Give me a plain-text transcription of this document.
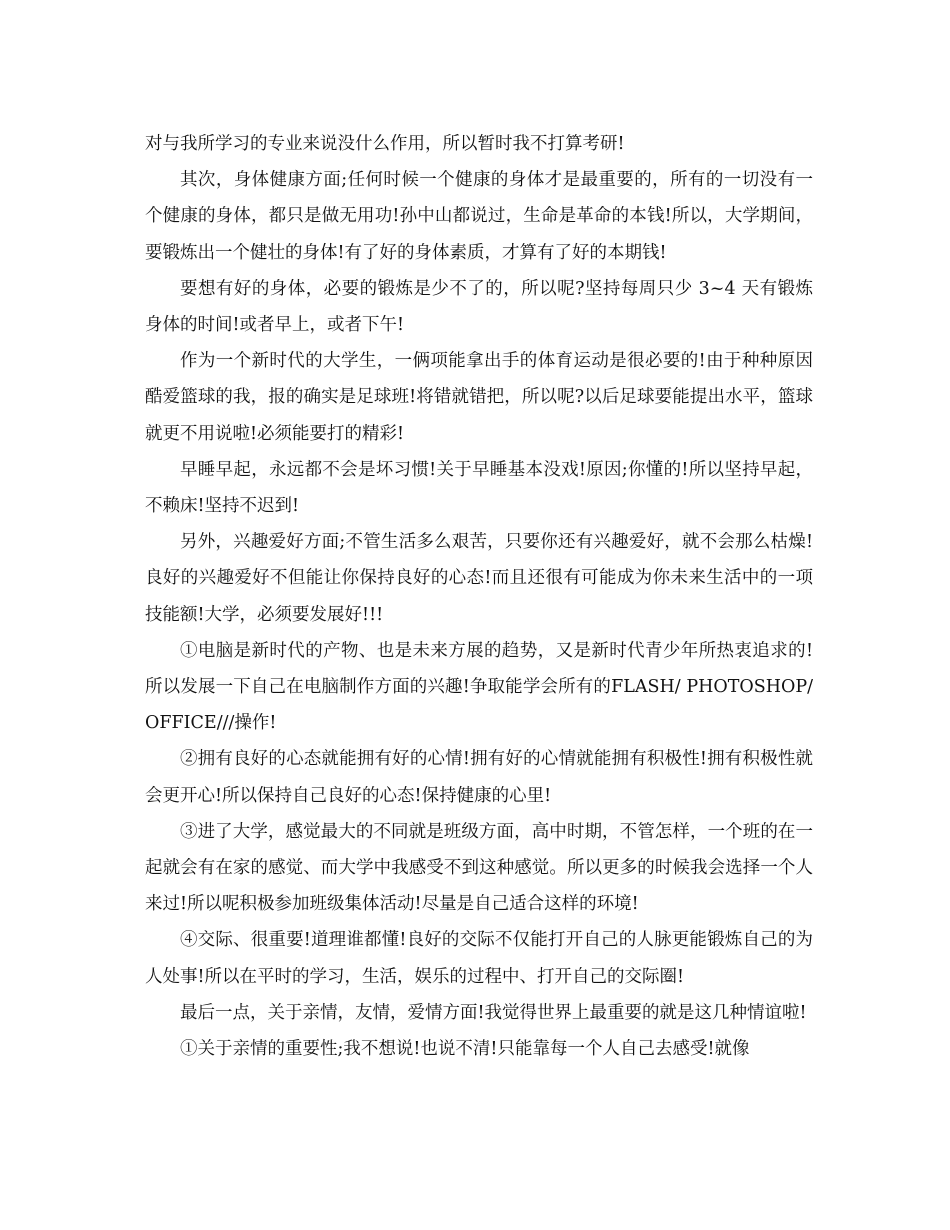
对与我所学习的专业来说没什么作用，所以暂时我不打算考研!

其次，身体健康方面;任何时候一个健康的身体才是最重要的，所有的一切没有一个健康的身体，都只是做无用功!孙中山都说过，生命是革命的本钱!所以，大学期间，要锻炼出一个健壮的身体!有了好的身体素质，才算有了好的本期钱!

要想有好的身体，必要的锻炼是少不了的，所以呢?坚持每周只少 3~4 天有锻炼身体的时间!或者早上，或者下午!

作为一个新时代的大学生，一俩项能拿出手的体育运动是很必要的!由于种种原因酷爱篮球的我，报的确实是足球班!将错就错把，所以呢?以后足球要能提出水平，篮球就更不用说啦!必须能要打的精彩!

早睡早起，永远都不会是坏习惯!关于早睡基本没戏!原因;你懂的!所以坚持早起，不赖床!坚持不迟到!

另外，兴趣爱好方面;不管生活多么艰苦，只要你还有兴趣爱好，就不会那么枯燥!良好的兴趣爱好不但能让你保持良好的心态!而且还很有可能成为你未来生活中的一项技能额!大学，必须要发展好!!!

①电脑是新时代的产物、也是未来方展的趋势，又是新时代青少年所热衷追求的!所以发展一下自己在电脑制作方面的兴趣!争取能学会所有的FLASH/ PHOTOSHOP/OFFICE///操作!

②拥有良好的心态就能拥有好的心情!拥有好的心情就能拥有积极性!拥有积极性就会更开心!所以保持自己良好的心态!保持健康的心里!

③进了大学，感觉最大的不同就是班级方面，高中时期，不管怎样，一个班的在一起就会有在家的感觉、而大学中我感受不到这种感觉。所以更多的时候我会选择一个人来过!所以呢积极参加班级集体活动!尽量是自己适合这样的环境!

④交际、很重要!道理谁都懂!良好的交际不仅能打开自己的人脉更能锻炼自己的为人处事!所以在平时的学习，生活，娱乐的过程中、打开自己的交际圈!

最后一点，关于亲情，友情，爱情方面!我觉得世界上最重要的就是这几种情谊啦!

①关于亲情的重要性;我不想说!也说不清!只能靠每一个人自己去感受!就像
